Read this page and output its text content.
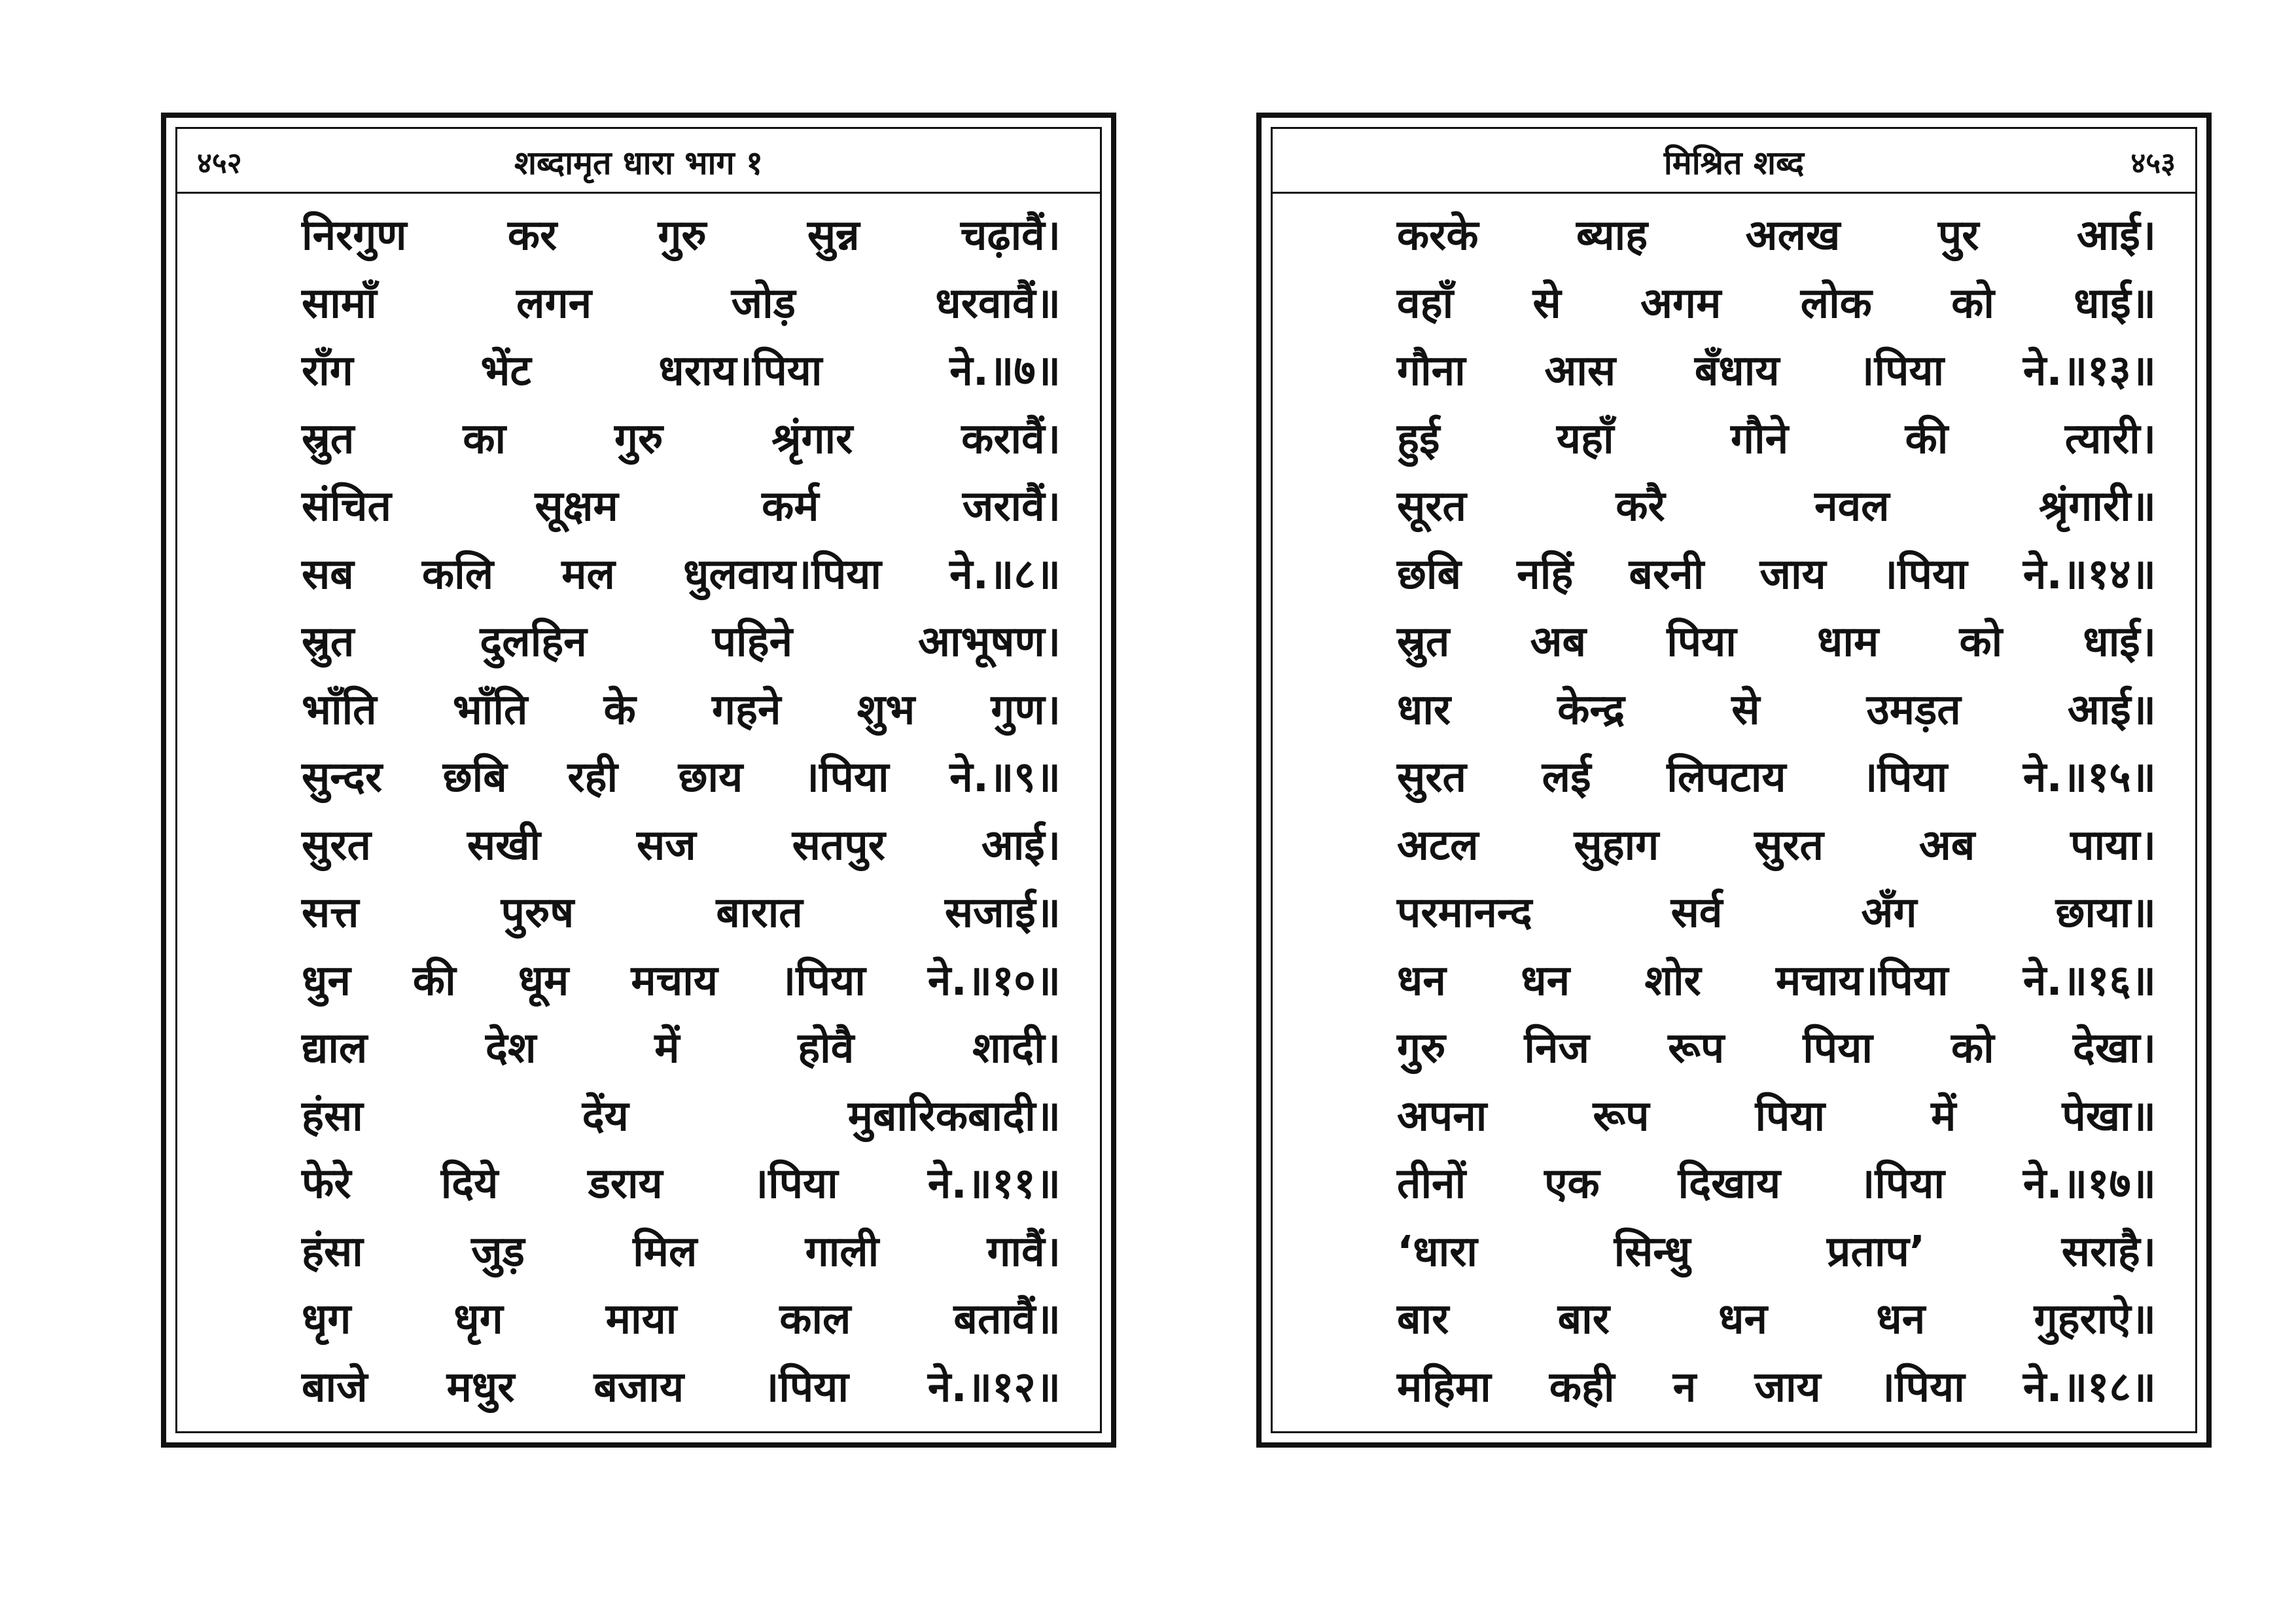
४५२	शब्दामृत धारा भाग १
निरगुण कर गुरु सुन्न चढ़ावैं।
सामाँ	लगन	जोड़	धरवावैं॥
राँग	भेंट	धराय।पिया	ने.॥७॥
स्रुत	का	गुरु	श्रृंगार	करावैं।
संचित	सूक्षम	कर्म	जरावैं।
सब कलि मल धुलवाय।पिया ने.॥८॥
स्रुत	दुलहिन	पहिने	आभूषण।
भाँति भाँति के गहने शुभ गुण।
सुन्दर छबि रही छाय ।पिया ने.॥९॥
सुरत सखी सज सतपुर आई।
सत्त	पुरुष	बारात	सजाई॥
धुन की धूम मचाय ।पिया ने.॥१०॥
द्याल	देश	में	होवै	शादी।
हंसा	देंय	मुबारिकबादी॥
फेरे दिये डराय ।पिया ने.॥११॥
हंसा	जुड़	मिल	गाली	गावैं।
धृग धृग माया काल बतावैं॥
बाजे मधुर बजाय ।पिया ने.॥१२॥
मिश्रित शब्द	४५३
करके ब्याह अलख पुर आई।
वहाँ से अगम लोक को धाई॥
गौना आस बँधाय ।पिया ने.॥१३॥
हुई	यहाँ	गौने	की	त्यारी।
सूरत	करै	नवल	श्रृंगारी॥
छबि नहिं बरनी जाय ।पिया ने.॥१४॥
स्रुत अब पिया धाम को धाई।
धार	केन्द्र	से	उमड़त	आई॥
सुरत लई लिपटाय ।पिया ने.॥१५॥
अटल सुहाग सुरत अब पाया।
परमानन्द	सर्व	अँग	छाया॥
धन धन शोर मचाय।पिया ने.॥१६॥
गुरु निज रूप पिया को देखा।
अपना	रूप	पिया	में	पेखा॥
तीनों एक दिखाय ।पिया ने.॥१७॥
‘धारा	सिन्धु	प्रताप’	सराहै।
बार	बार	धन	धन	गुहराऐ॥
महिमा कही न जाय ।पिया ने.॥१८॥
